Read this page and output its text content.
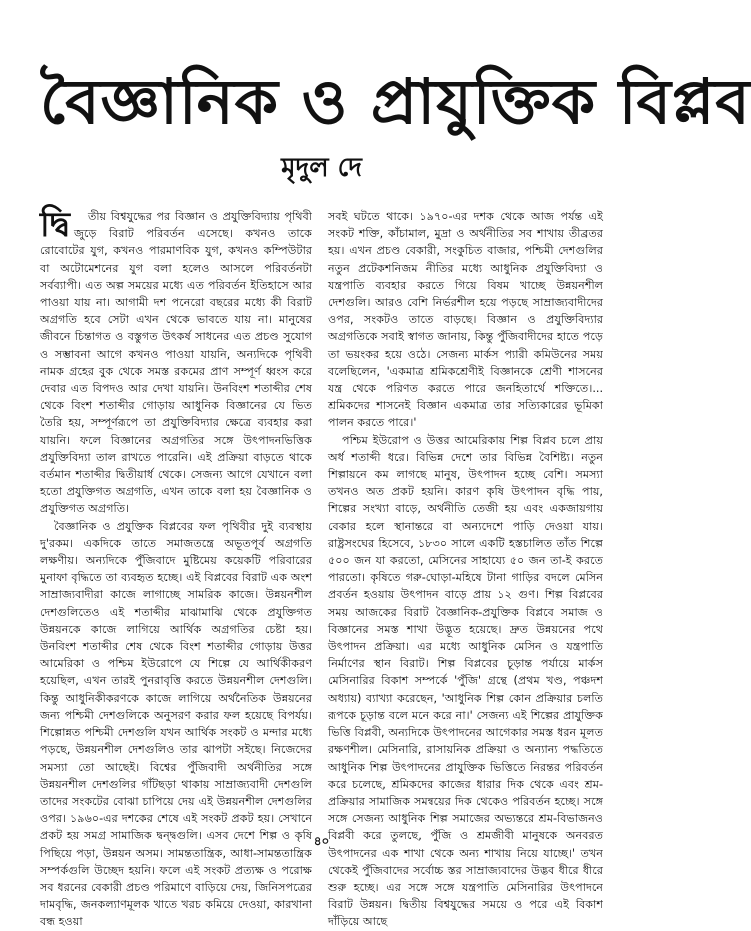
বৈজ্ঞানিক ও প্রাযুক্তিক বিপ্লব
মৃদুল দে

দ্বি তীয় বিশ্বযুদ্ধের পর বিজ্ঞান ও প্রযুক্তিবিদ্যায় পৃথিবী জুড়ে বিরাট পরিবর্তন এসেছে। কখনও তাকে রোবোটের যুগ, কখনও পারমাণবিক যুগ, কখনও কম্পিউটার বা অটোমেশনের যুগ বলা হলেও আসলে পরিবর্তনটা সর্বব্যাপী। এত অল্প সময়ের মধ্যে এত পরিবর্তন ইতিহাসে আর পাওয়া যায় না। আগামী দশ পনেরো বছরের মধ্যে কী বিরাট অগ্রগতি হবে সেটা এখন থেকে ভাবতে যায় না। মানুষের জীবনে চিন্তাগত ও বস্তুগত উৎকর্ষ সাধনের এত প্রচণ্ড সুযোগ ও সম্ভাবনা আগে কখনও পাওয়া যায়নি, অন্যদিকে পৃথিবী নামক গ্রহের বুক থেকে সমস্ত রকমের প্রাণ সম্পূর্ণ ধ্বংস করে দেবার এত বিপদও আর দেখা যায়নি। উনবিংশ শতাব্দীর শেষ থেকে বিংশ শতাব্দীর গোড়ায় আধুনিক বিজ্ঞানের যে ভিত তৈরি হয়, সম্পূর্ণরূপে তা প্রযুক্তিবিদ্যার ক্ষেত্রে ব্যবহার করা যায়নি। ফলে বিজ্ঞানের অগ্রগতির সঙ্গে উৎপাদনভিত্তিক প্রযুক্তিবিদ্যা তাল রাখতে পারেনি। এই প্রক্রিয়া বাড়তে থাকে বর্তমান শতাব্দীর দ্বিতীয়ার্ধ থেকে। সেজন্য আগে যেখানে বলা হতো প্রযুক্তিগত অগ্রগতি, এখন তাকে বলা হয় বৈজ্ঞানিক ও প্রযুক্তিগত অগ্রগতি।

বৈজ্ঞানিক ও প্রযুক্তিক বিপ্লবের ফল পৃথিবীর দুই ব্যবস্থায় দু'রকম। একদিকে তাতে সমাজতন্ত্রে অভূতপূর্ব অগ্রগতি লক্ষণীয়। অন্যদিকে পুঁজিবাদে মুষ্টিমেয় কয়েকটি পরিবারের মুনাফা বৃদ্ধিতে তা ব্যবহৃত হচ্ছে। এই বিপ্লবের বিরাট এক অংশ সাম্রাজ্যবাদীরা কাজে লাগাচ্ছে সামরিক কাজে। উন্নয়নশীল দেশগুলিতেও এই শতাব্দীর মাঝামাঝি থেকে প্রযুক্তিগত উন্নয়নকে কাজে লাগিয়ে আর্থিক অগ্রগতির চেষ্টা হয়। উনবিংশ শতাব্দীর শেষ থেকে বিংশ শতাব্দীর গোড়ায় উত্তর আমেরিকা ও পশ্চিম ইউরোপে যে শিল্পে যে আর্থিকীকরণ হয়েছিল, এখন তারই পুনরাবৃত্তি করতে উন্নয়নশীল দেশগুলি। কিন্তু আধুনিকীকরণকে কাজে লাগিয়ে অর্থনৈতিক উন্নয়নের জন্য পশ্চিমী দেশগুলিকে অনুসরণ করার ফল হয়েছে বিপর্যয়। শিল্পোন্নত পশ্চিমী দেশগুলি যখন আর্থিক সংকট ও মন্দার মধ্যে পড়ছে, উন্নয়নশীল দেশগুলিও তার ঝাপটা সইছে। নিজেদের সমস্যা তো আছেই। বিশ্বের পুঁজিবাদী অর্থনীতির সঙ্গে উন্নয়নশীল দেশগুলির গাঁটছড়া থাকায় সাম্রাজ্যবাদী দেশগুলি তাদের সংকটের বোঝা চাপিয়ে দেয় এই উন্নয়নশীল দেশগুলির ওপর। ১৯৬০-এর দশকের শেষে এই সংকট প্রকট হয়। সেখানে প্রকট হয় সমগ্র সামাজিক দ্বন্দ্বগুলি। এসব দেশে শিল্প ও কৃষি পিছিয়ে পড়া, উন্নয়ন অসম। সামন্ততান্ত্রিক, আধা-সামন্ততান্ত্রিক সম্পর্কগুলি উচ্ছেদ হয়নি। ফলে এই সংকট প্রত্যক্ষ ও পরোক্ষ সব ধরনের বেকারী প্রচণ্ড পরিমাণে বাড়িয়ে দেয়, জিনিসপত্রের দামবৃদ্ধি, জনকল্যাণমূলক খাতে খরচ কমিয়ে দেওয়া, কারখানা বন্ধ হওয়া

সবই ঘটতে থাকে। ১৯৭০-এর দশক থেকে আজ পর্যন্ত এই সংকট শক্তি, কাঁচামাল, মুদ্রা ও অর্থনীতির সব শাখায় তীব্রতর হয়। এখন প্রচণ্ড বেকারী, সংকুচিত বাজার, পশ্চিমী দেশগুলির নতুন প্রটেকশনিজম নীতির মধ্যে আধুনিক প্রযুক্তিবিদ্যা ও যন্ত্রপাতি ব্যবহার করতে গিয়ে বিষম খাচ্ছে উন্নয়নশীল দেশগুলি। আরও বেশি নির্ভরশীল হয়ে পড়ছে সাম্রাজ্যবাদীদের ওপর, সংকটও তাতে বাড়ছে। বিজ্ঞান ও প্রযুক্তিবিদ্যার অগ্রগতিকে সবাই স্বাগত জানায়, কিন্তু পুঁজিবাদীদের হাতে পড়ে তা ভয়ংকর হয়ে ওঠে। সেজন্য মার্কস প্যারী কমিউনের সময় বলেছিলেন, 'একমাত্র শ্রমিকশ্রেণীই বিজ্ঞানকে শ্রেণী শাসনের যন্ত্র থেকে পরিণত করতে পারে জনহিতার্থে শক্তিতে।... শ্রমিকদের শাসনেই বিজ্ঞান একমাত্র তার সত্যিকারের ভূমিকা পালন করতে পারে।'

পশ্চিম ইউরোপ ও উত্তর আমেরিকায় শিল্প বিপ্লব চলে প্রায় অর্ধ শতাব্দী ধরে। বিভিন্ন দেশে তার বিভিন্ন বৈশিষ্ট্য। নতুন শিল্পায়নে কম লাগছে মানুষ, উৎপাদন হচ্ছে বেশি। সমস্যা তখনও অত প্রকট হয়নি। কারণ কৃষি উৎপাদন বৃদ্ধি পায়, শিল্পের সংখ্যা বাড়ে, অর্থনীতি তেজী হয় এবং একজায়গায় বেকার হলে স্থানান্তরে বা অন্যদেশে পাড়ি দেওয়া যায়। রাষ্ট্রসংঘের হিসেবে, ১৮৩০ সালে একটি হস্তচালিত তাঁত শিল্পে ৫০০ জন যা করতো, মেসিনের সাহায্যে ৫০ জন তা-ই করতে পারতো। কৃষিতে গরু-ঘোড়া-মহিষে টানা গাড়ির বদলে মেসিন প্রবর্তন হওয়ায় উৎপাদন বাড়ে প্রায় ১২ গুণ। শিল্প বিপ্লবের সময় আজকের বিরাট বৈজ্ঞানিক-প্রযুক্তিক বিপ্লবে সমাজ ও বিজ্ঞানের সমস্ত শাখা উদ্ভূত হয়েছে। দ্রুত উন্নয়নের পথে উৎপাদন প্রক্রিয়া। এর মধ্যে আধুনিক মেসিন ও যন্ত্রপাতি নির্মাণের স্থান বিরাট। শিল্প বিপ্লবের চূড়ান্ত পর্যায়ে মার্কস মেসিনারির বিকাশ সম্পর্কে 'পুঁজি' গ্রন্থে (প্রথম খণ্ড, পঞ্চদশ অধ্যায়) ব্যাখ্যা করেছেন, 'আধুনিক শিল্প কোন প্রক্রিয়ার চলতি রূপকে চূড়ান্ত বলে মনে করে না।' সেজন্য এই শিল্পের প্রাযুক্তিক ভিত্তি বিপ্লবী, অন্যদিকে উৎপাদনের আগেকার সমস্ত ধরন মূলত রক্ষণশীল। মেসিনারি, রাসায়নিক প্রক্রিয়া ও অন্যান্য পদ্ধতিতে আধুনিক শিল্প উৎপাদনের প্রাযুক্তিক ভিত্তিতে নিরন্তর পরিবর্তন করে চলেছে, শ্রমিকদের কাজের ধারার দিক থেকে এবং শ্রম-প্রক্রিয়ার সামাজিক সমন্বয়ের দিক থেকেও পরিবর্তন হচ্ছে। সঙ্গে সঙ্গে সেজন্য আধুনিক শিল্প সমাজের অভ্যন্তরে শ্রম-বিভাজনও বিপ্লবী করে তুলছে, পুঁজি ও শ্রমজীবী মানুষকে অনবরত উৎপাদনের এক শাখা থেকে অন্য শাখায় নিয়ে যাচ্ছে।' তখন থেকেই পুঁজিবাদের সর্বোচ্চ স্তর সাম্রাজ্যবাদের উদ্ভব ধীরে ধীরে শুরু হচ্ছে। এর সঙ্গে সঙ্গে যন্ত্রপাতি মেসিনারির উৎপাদনে বিরাট উন্নয়ন। দ্বিতীয় বিশ্বযুদ্ধের সময়ে ও পরে এই বিকাশ দাঁড়িয়ে আছে

৪০
